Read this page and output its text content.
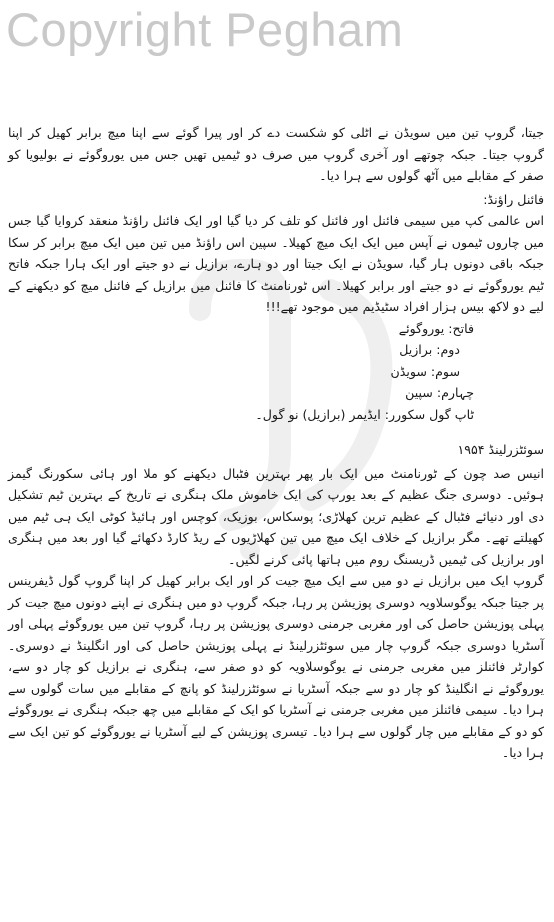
Copyright Pegham

جیتا، گروپ تین میں سویڈن نے اٹلی کو شکست دے کر اور پیرا گوئے سے اپنا میچ برابر کھیل کر اپنا گروپ جیتا۔ جبکہ چوتھے اور آخری گروپ میں صرف دو ٹیمیں تھیں جس میں یوروگوئے نے بولیویا کو صفر کے مقابلے میں آٹھ گولوں سے ہرا دیا۔

فائنل راؤنڈ:

اس عالمی کپ میں سیمی فائنل اور فائنل کو تلف کر دیا گیا اور ایک فائنل راؤنڈ منعقد کروایا گیا جس میں چاروں ٹیموں نے آپس میں ایک ایک میچ کھیلا۔ سپین اس راؤنڈ میں تین میں ایک میچ برابر کر سکا جبکہ باقی دونوں ہار گیا، سویڈن نے ایک جیتا اور دو ہارے، برازیل نے دو جیتے اور ایک ہارا جبکہ فاتح ٹیم یوروگوئے نے دو جیتے اور برابر کھیلا۔ اس ٹورنامنٹ کا فائنل میں برازیل کے فائنل میچ کو دیکھنے کے لیے دو لاکھ بیس ہزار افراد سٹیڈیم میں موجود تھے!!!

فاتح: یوروگوئے
دوم: برازیل
سوم: سویڈن
چہارم: سپین
ٹاپ گول سکورر: ایڈیمر (برازیل) نو گول۔

سوئٹزرلینڈ ۱۹۵۴

انیس صد چون کے ٹورنامنٹ میں ایک بار پھر بہترین فٹبال دیکھنے کو ملا اور ہائی سکورنگ گیمز ہوئیں۔ دوسری جنگ عظیم کے بعد یورپ کی ایک خاموش ملک ہنگری نے تاریخ کے بہترین ٹیم تشکیل دی اور دنیائے فٹبال کے عظیم ترین کھلاڑی؛ پوسکاس، بوزیک، کوچس اور ہائیڈ کوٹی ایک ہی ٹیم میں کھیلتے تھے۔ مگر برازیل کے خلاف ایک میچ میں تین کھلاڑیوں کے ریڈ کارڈ دکھائے گیا اور بعد میں ہنگری اور برازیل کی ٹیمیں ڈریسنگ روم میں ہاتھا پائی کرنے لگیں۔

گروپ ایک میں برازیل نے دو میں سے ایک میچ جیت کر اور ایک برابر کھیل کر اپنا گروپ گول ڈیفرینس پر جیتا جبکہ یوگوسلاویہ دوسری پوزیشن پر رہا، جبکہ گروپ دو میں ہنگری نے اپنے دونوں میچ جیت کر پہلی پوزیشن حاصل کی اور مغربی جرمنی دوسری پوزیشن پر رہا، گروپ تین میں یوروگوئے پہلی اور آسٹریا دوسری جبکہ گروپ چار میں سوئٹزرلینڈ نے پہلی پوزیشن حاصل کی اور انگلینڈ نے دوسری۔ کوارٹر فائنلز میں مغربی جرمنی نے یوگوسلاویہ کو دو صفر سے، ہنگری نے برازیل کو چار دو سے، یوروگوئے نے انگلینڈ کو چار دو سے جبکہ آسٹریا نے سوئٹزرلینڈ کو پانچ کے مقابلے میں سات گولوں سے ہرا دیا۔ سیمی فائنلز میں مغربی جرمنی نے آسٹریا کو ایک کے مقابلے میں چھ جبکہ ہنگری نے یوروگوئے کو دو کے مقابلے میں چار گولوں سے ہرا دیا۔ تیسری پوزیشن کے لیے آسٹریا نے یوروگوئے کو تین ایک سے ہرا دیا۔
